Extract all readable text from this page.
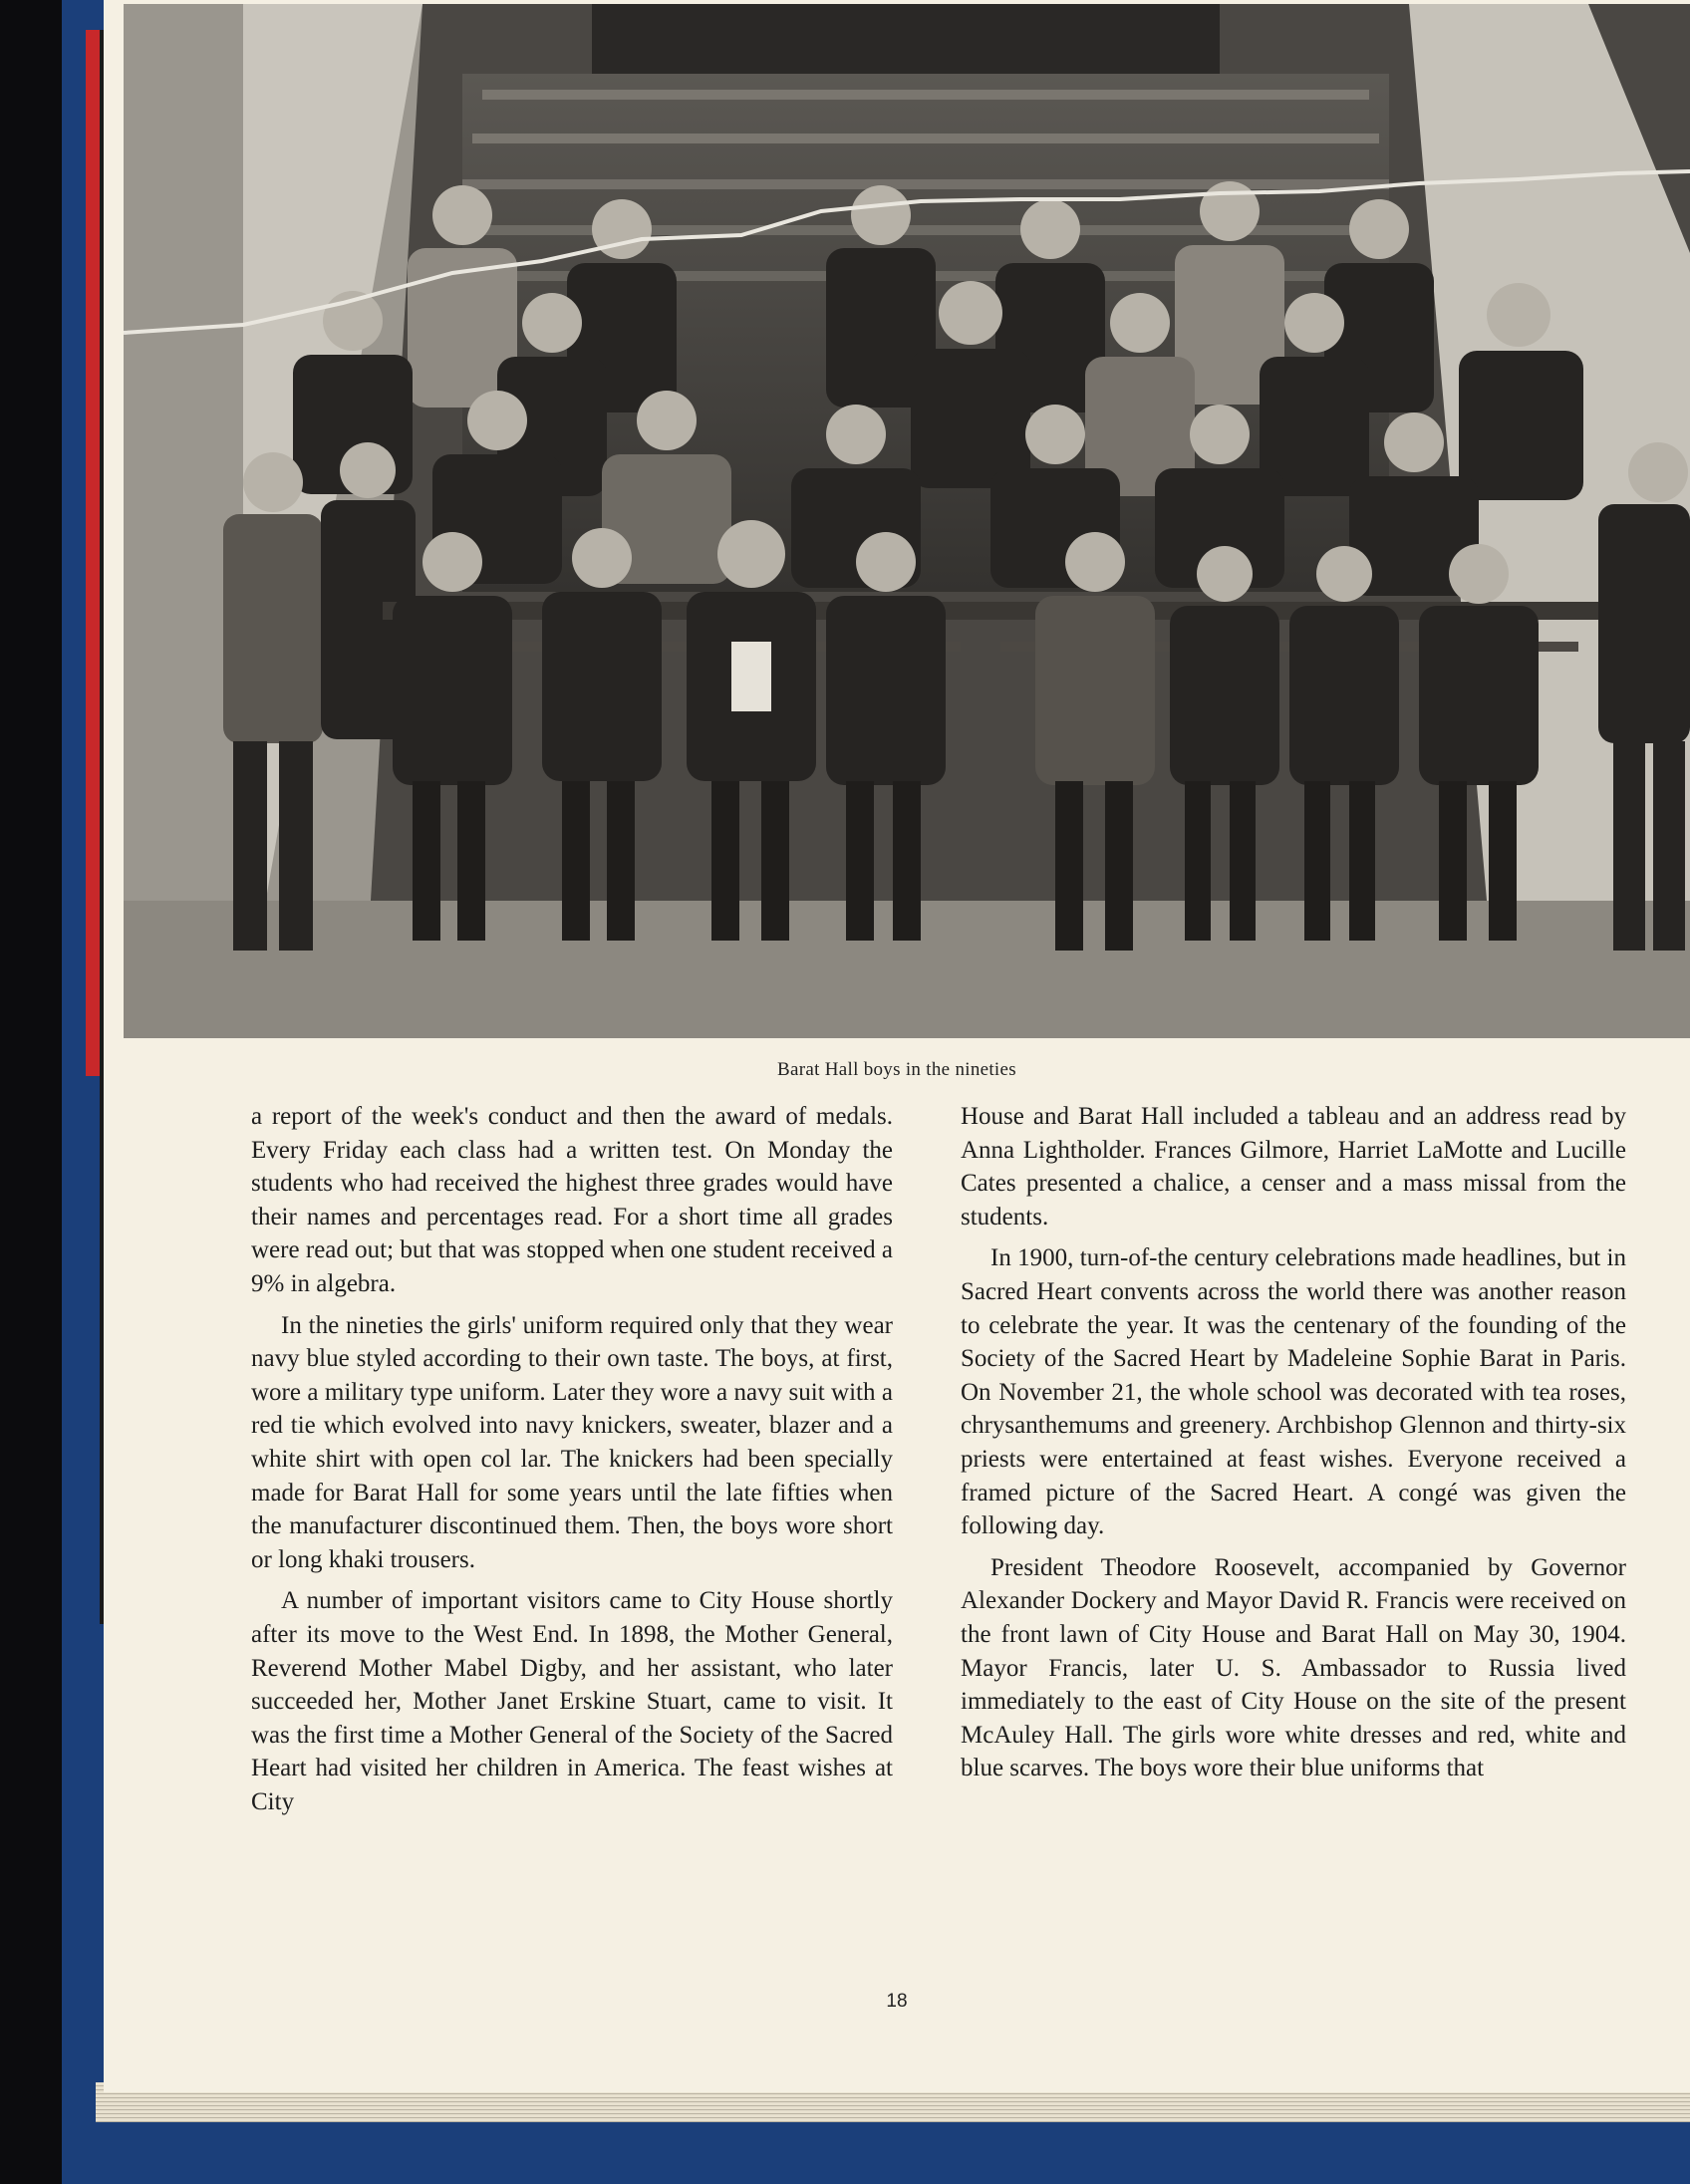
Barat Hall boys in the nineties

a report of the week's conduct and then the award of medals. Every Friday each class had a written test. On Monday the students who had received the highest three grades would have their names and percentages read. For a short time all grades were read out; but that was stopped when one student received a 9% in algebra.

In the nineties the girls' uniform required only that they wear navy blue styled according to their own taste. The boys, at first, wore a military type uniform. Later they wore a navy suit with a red tie which evolved into navy knickers, sweater, blazer and a white shirt with open col lar. The knickers had been specially made for Barat Hall for some years until the late fifties when the manufacturer discontinued them. Then, the boys wore short or long khaki trousers.

A number of important visitors came to City House shortly after its move to the West End. In 1898, the Mother General, Reverend Mother Mabel Digby, and her assistant, who later succeeded her, Mother Janet Erskine Stuart, came to visit. It was the first time a Mother General of the Society of the Sacred Heart had visited her children in America. The feast wishes at City

House and Barat Hall included a tableau and an address read by Anna Lightholder. Frances Gilmore, Harriet LaMotte and Lucille Cates presented a chalice, a censer and a mass missal from the students.

In 1900, turn-of-the century celebrations made headlines, but in Sacred Heart convents across the world there was another reason to celebrate the year. It was the centenary of the founding of the Society of the Sacred Heart by Madeleine Sophie Barat in Paris. On November 21, the whole school was decorated with tea roses, chrysanthemums and greenery. Archbishop Glennon and thirty-six priests were entertained at feast wishes. Everyone received a framed picture of the Sacred Heart. A congé was given the following day.

President Theodore Roosevelt, accompanied by Governor Alexander Dockery and Mayor David R. Francis were received on the front lawn of City House and Barat Hall on May 30, 1904. Mayor Francis, later U. S. Ambassador to Russia lived immediately to the east of City House on the site of the present McAuley Hall. The girls wore white dresses and red, white and blue scarves. The boys wore their blue uniforms that

18
